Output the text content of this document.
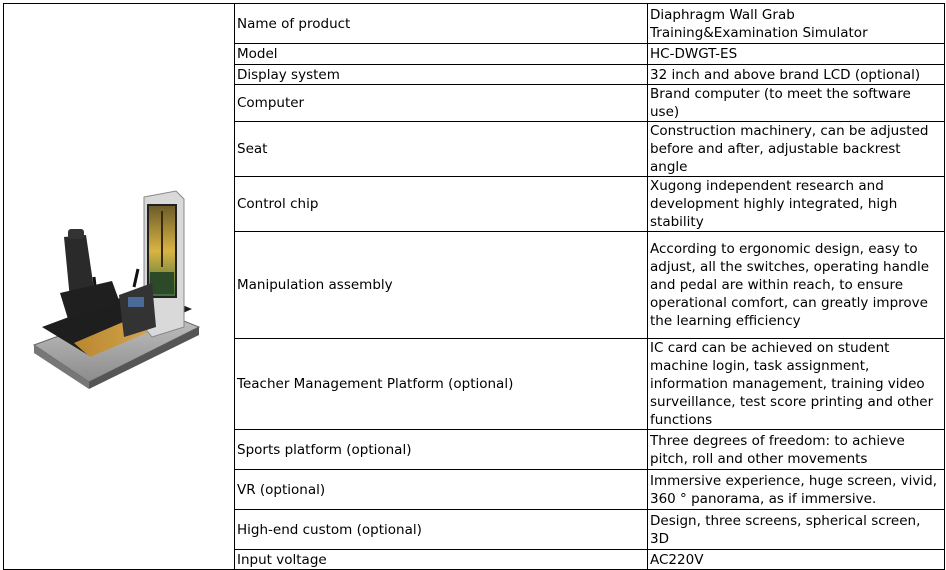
	Name of product	Diaphragm Wall Grab Training&Examination Simulator
	Model	HC-DWGT-ES
	Display system	32 inch and above brand LCD (optional)
	Computer	Brand computer (to meet the software use)
	Seat	Construction machinery, can be adjusted before and after, adjustable backrest angle
	Control chip	Xugong independent research and development highly integrated, high stability
	Manipulation assembly	According to ergonomic design, easy to adjust, all the switches, operating handle and pedal are within reach, to ensure operational comfort, can greatly improve the learning efficiency
	Teacher Management Platform (optional)	IC card can be achieved on student machine login, task assignment, information management, training video surveillance, test score printing and other functions
	Sports platform (optional)	Three degrees of freedom: to achieve pitch, roll and other movements
	VR (optional)	Immersive experience, huge screen, vivid, 360 ° panorama, as if immersive.
	High-end custom (optional)	Design, three screens, spherical screen, 3D
	Input voltage	AC220V
